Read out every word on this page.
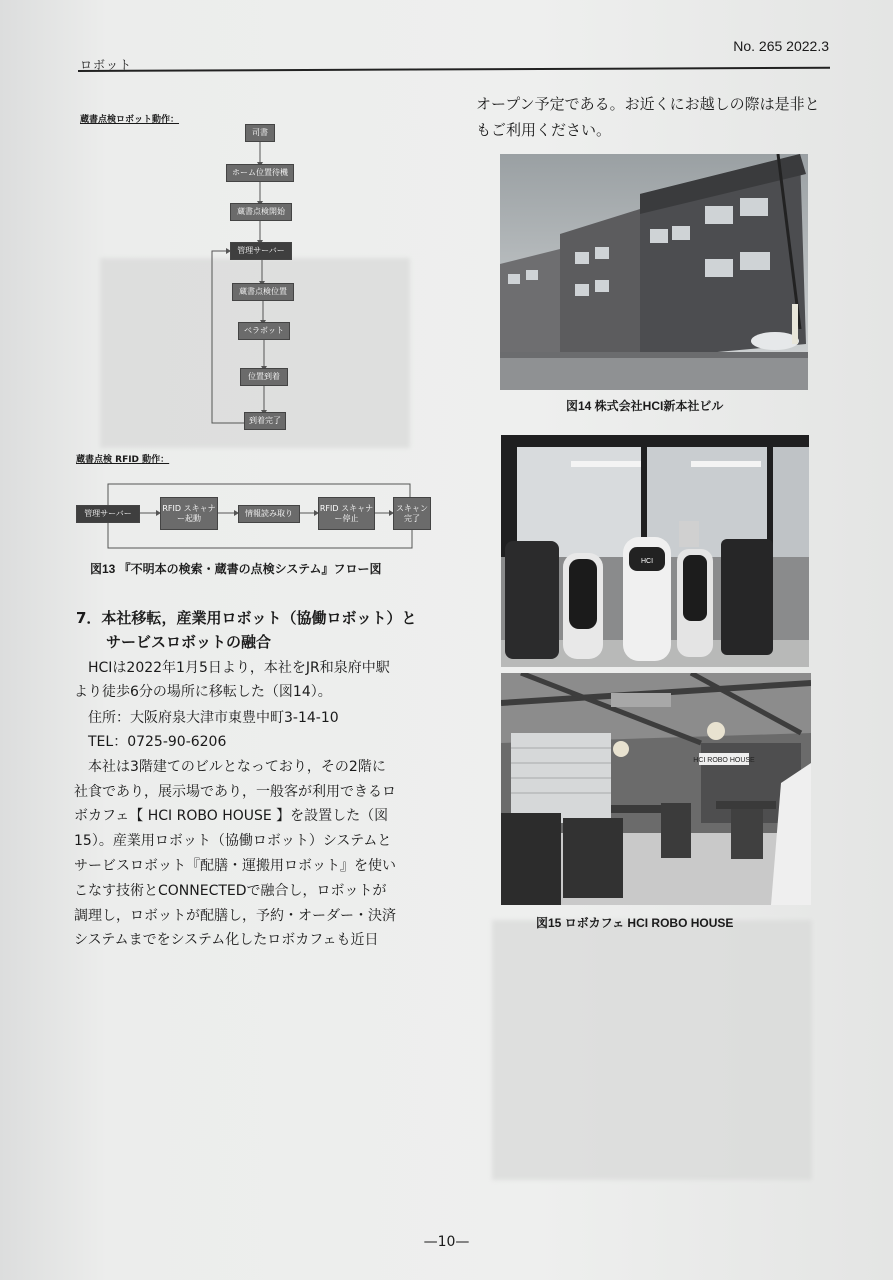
ロボット
No. 265 2022.3
蔵書点検ロボット動作：
司書
ホーム位置待機
蔵書点検開始
管理サーバー
蔵書点検位置
ベラボット
位置到着
到着完了
蔵書点検 RFID 動作：
管理サーバー
RFID スキャナー起動	情報読み取り
RFID スキャナー停止
スキャン完了
図13 『不明本の検索・蔵書の点検システム』フロー図
7．本社移転，産業用ロボット（協働ロボット）と
サービスロボットの融合
HCIは2022年1月5日より，本社をJR和泉府中駅
より徒歩6分の場所に移転した（図14）。
住所：大阪府泉大津市東豊中町3-14-10
TEL：0725-90-6206
本社は3階建てのビルとなっており，その2階に
社食であり，展示場であり，一般客が利用できるロ
ボカフェ【 HCI ROBO HOUSE 】を設置した（図
15）。産業用ロボット（協働ロボット）システムと
サービスロボット『配膳・運搬用ロボット』を使い
こなす技術とCONNECTEDで融合し，ロボットが
調理し，ロボットが配膳し，予約・オーダー・決済
システムまでをシステム化したロボカフェも近日
オープン予定である。お近くにお越しの際は是非と
もご利用ください。
図14 株式会社HCI新本社ビル
HCI
HCI ROBO HOUSE
図15 ロボカフェ HCI ROBO HOUSE
—10—
